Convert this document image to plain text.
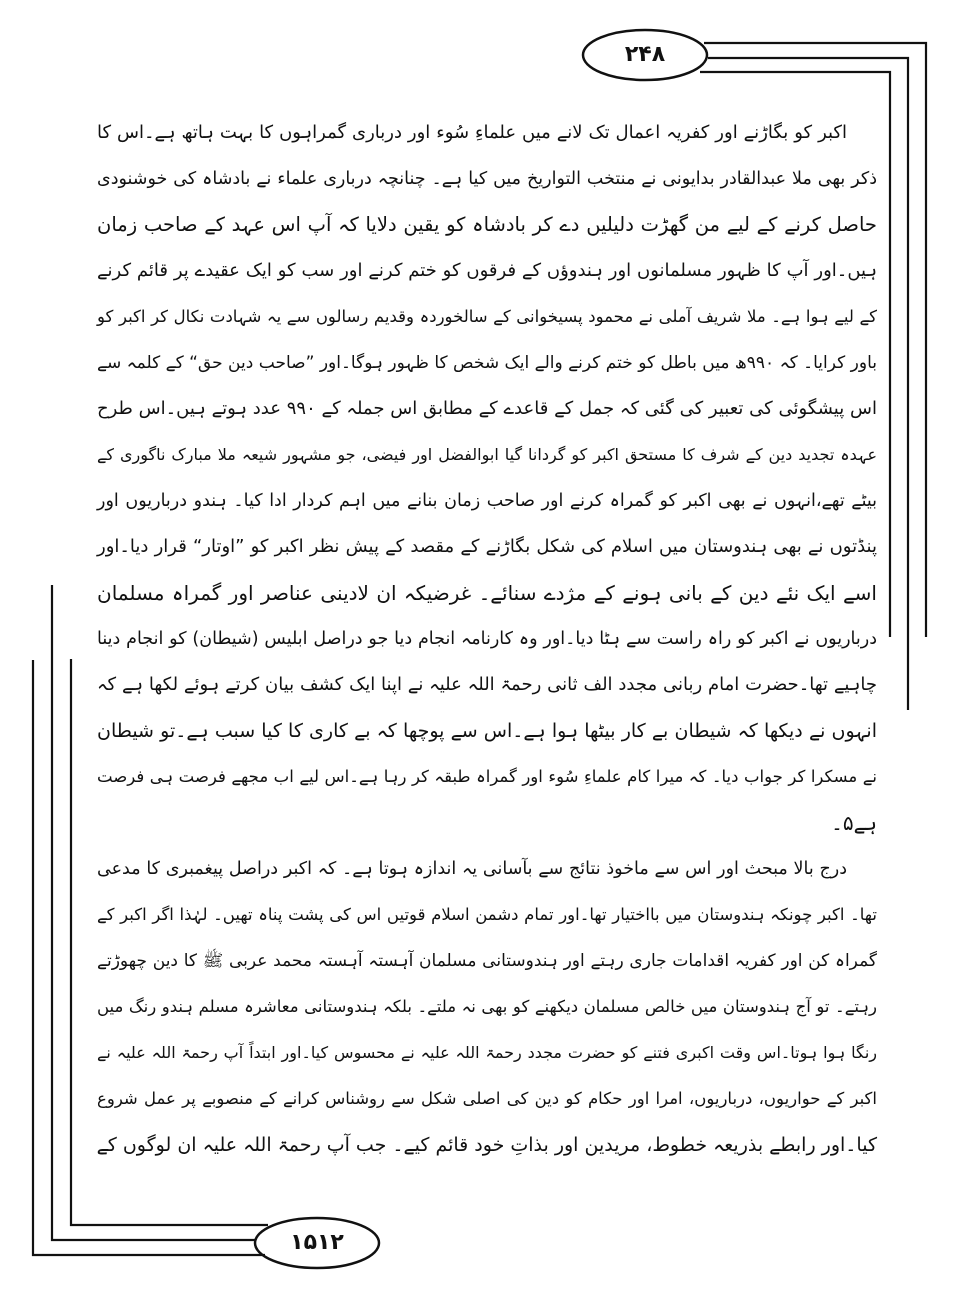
۲۴۸
۱۵۱۲
اکبر کو بگاڑنے اور کفریہ اعمال تک لانے میں علماءِ سُوء اور درباری گمراہوں کا بہت ہاتھ ہے۔اس کا
ذکر بھی ملا عبدالقادر بدایونی نے منتخب التواریخ میں کیا ہے۔ چنانچہ درباری علماء نے بادشاہ کی خوشنودی
حاصل کرنے کے لیے من گھڑت دلیلیں دے کر بادشاہ کو یقین دلایا کہ آپ اس عہد کے صاحب زمان
ہیں۔اور آپ کا ظہور مسلمانوں اور ہندوؤں کے فرقوں کو ختم کرنے اور سب کو ایک عقیدے پر قائم کرنے
کے لیے ہوا ہے۔ ملا شریف آملی نے محمود پسیخوانی کے سالخوردہ وقدیم رسالوں سے یہ شہادت نکال کر اکبر کو
باور کرایا۔ کہ ۹۹۰ھ میں باطل کو ختم کرنے والے ایک شخص کا ظہور ہوگا۔اور ”صاحب دین حق“ کے کلمہ سے
اس پیشگوئی کی تعبیر کی گئی کہ جمل کے قاعدے کے مطابق اس جملہ کے ۹۹۰ عدد ہوتے ہیں۔اس طرح
عہدہ تجدید دین کے شرف کا مستحق اکبر کو گردانا گیا ابوالفضل اور فیضی، جو مشہور شیعہ ملا مبارک ناگوری کے
بیٹے تھے،انہوں نے بھی اکبر کو گمراہ کرنے اور صاحب زمان بنانے میں اہم کردار ادا کیا۔ ہندو درباریوں اور
پنڈتوں نے بھی ہندوستان میں اسلام کی شکل بگاڑنے کے مقصد کے پیش نظر اکبر کو ”اوتار“ قرار دیا۔اور
اسے ایک نئے دین کے بانی ہونے کے مژدے سنائے۔ غرضیکہ ان لادینی عناصر اور گمراہ مسلمان
درباریوں نے اکبر کو راہ راست سے ہٹا دیا۔اور وہ کارنامہ انجام دیا جو دراصل ابلیس (شیطان) کو انجام دینا
چاہیے تھا۔حضرت امام ربانی مجدد الف ثانی رحمۃ اللہ علیہ نے اپنا ایک کشف بیان کرتے ہوئے لکھا ہے کہ
انہوں نے دیکھا کہ شیطان بے کار بیٹھا ہوا ہے۔اس سے پوچھا کہ بے کاری کا کیا سبب ہے۔تو شیطان
نے مسکرا کر جواب دیا۔ کہ میرا کام علماءِ سُوء اور گمراہ طبقہ کر رہا ہے۔اس لیے اب مجھے فرصت ہی فرصت
ہے۵۔
درج بالا مبحث اور اس سے ماخوذ نتائج سے بآسانی یہ اندازہ ہوتا ہے۔ کہ اکبر دراصل پیغمبری کا مدعی
تھا۔ اکبر چونکہ ہندوستان میں بااختیار تھا۔اور تمام دشمن اسلام قوتیں اس کی پشت پناہ تھیں۔ لہٰذا اگر اکبر کے
گمراہ کن اور کفریہ اقدامات جاری رہتے اور ہندوستانی مسلمان آہستہ آہستہ محمد عربی ﷺ کا دین چھوڑتے
رہتے۔ تو آج ہندوستان میں خالص مسلمان دیکھنے کو بھی نہ ملتے۔ بلکہ ہندوستانی معاشرہ مسلم ہندو رنگ میں
رنگا ہوا ہوتا۔اس وقت اکبری فتنے کو حضرت مجدد رحمۃ اللہ علیہ نے محسوس کیا۔اور ابتداً آپ رحمۃ اللہ علیہ نے
اکبر کے حواریوں، درباریوں، امرا اور حکام کو دین کی اصلی شکل سے روشناس کرانے کے منصوبے پر عمل شروع
کیا۔اور رابطے بذریعہ خطوط، مریدین اور بذاتِ خود قائم کیے۔ جب آپ رحمۃ اللہ علیہ ان لوگوں کے
